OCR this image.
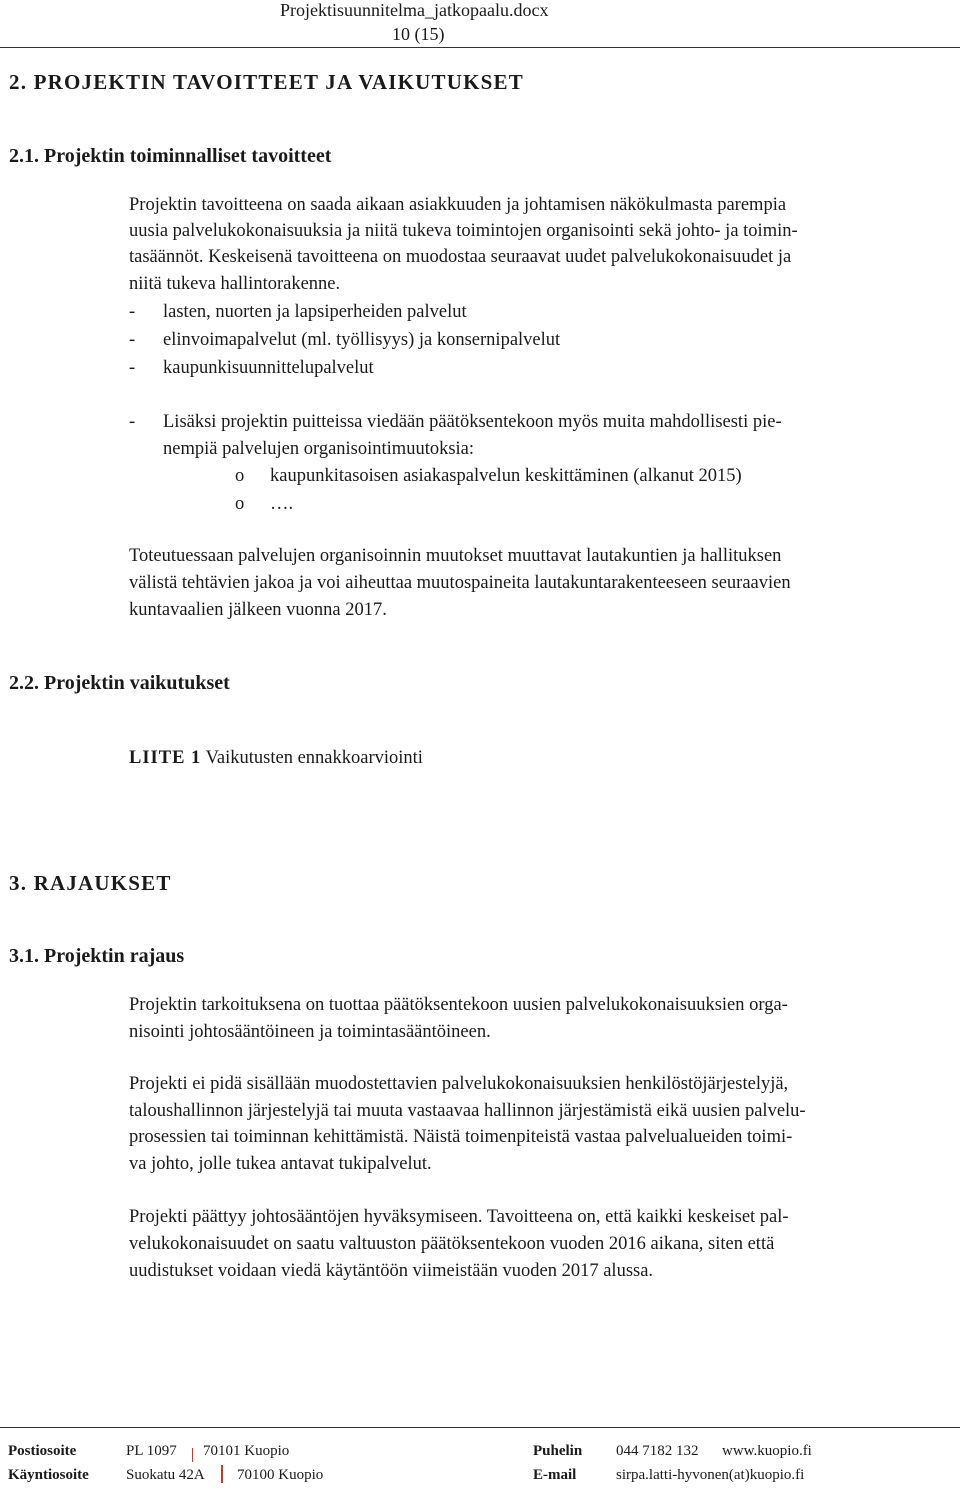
Projektisuunnitelma_jatkopaalu.docx
10 (15)
2. PROJEKTIN TAVOITTEET JA VAIKUTUKSET
2.1. Projektin toiminnalliset tavoitteet
Projektin tavoitteena on saada aikaan asiakkuuden ja johtamisen näkökulmasta parempia
uusia palvelukokonaisuuksia ja niitä tukeva toimintojen organisointi sekä johto- ja toimin-
tasäännöt. Keskeisenä tavoitteena on muodostaa seuraavat uudet palvelukokonaisuudet ja
niitä tukeva hallintorakenne.
- lasten, nuorten ja lapsiperheiden palvelut
- elinvoimapalvelut (ml. työllisyys) ja konsernipalvelut
- kaupunkisuunnittelupalvelut
- Lisäksi projektin puitteissa viedään päätöksentekoon myös muita mahdollisesti pie-
nempiä palvelujen organisointimuutoksia:
o kaupunkitasoisen asiakaspalvelun keskittäminen (alkanut 2015)
o ….
Toteutuessaan palvelujen organisoinnin muutokset muuttavat lautakuntien ja hallituksen
välistä tehtävien jakoa ja voi aiheuttaa muutospaineita lautakuntarakenteeseen seuraavien
kuntavaalien jälkeen vuonna 2017.
2.2. Projektin vaikutukset
LIITE 1 Vaikutusten ennakkoarviointi
3. RAJAUKSET
3.1. Projektin rajaus
Projektin tarkoituksena on tuottaa päätöksentekoon uusien palvelukokonaisuuksien orga-
nisointi johtosääntöineen ja toimintasääntöineen.
Projekti ei pidä sisällään muodostettavien palvelukokonaisuuksien henkilöstöjärjestelyjä,
taloushallinnon järjestelyjä tai muuta vastaavaa hallinnon järjestämistä eikä uusien palvelu-
prosessien tai toiminnan kehittämistä. Näistä toimenpiteistä vastaa palvelualueiden toimi-
va johto, jolle tukea antavat tukipalvelut.
Projekti päättyy johtosääntöjen hyväksymiseen. Tavoitteena on, että kaikki keskeiset pal-
velukokonaisuudet on saatu valtuuston päätöksentekoon vuoden 2016 aikana, siten että
uudistukset voidaan viedä käytäntöön viimeistään vuoden 2017 alussa.
Postiosoite	PL 1097 70101 Kuopio	Puhelin 044 7182 132 www.kuopio.fi
Käyntiosoite Suokatu 42A 70100 Kuopio	E-mail	sirpa.latti-hyvonen(at)kuopio.fi
